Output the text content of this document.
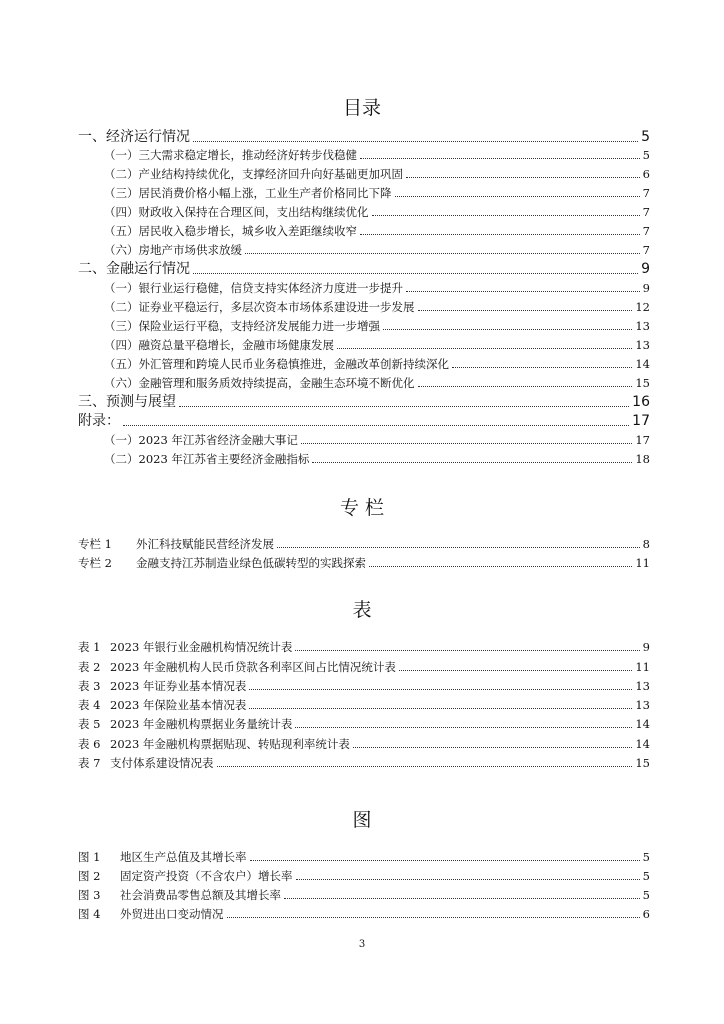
目录
一、经济运行情况	5
（一）三大需求稳定增长，推动经济好转步伐稳健	5
（二）产业结构持续优化，支撑经济回升向好基础更加巩固	6
（三）居民消费价格小幅上涨，工业生产者价格同比下降	7
（四）财政收入保持在合理区间，支出结构继续优化	7
（五）居民收入稳步增长，城乡收入差距继续收窄	7
（六）房地产市场供求放缓	7
二、金融运行情况	9
（一）银行业运行稳健，信贷支持实体经济力度进一步提升	9
（二）证券业平稳运行，多层次资本市场体系建设进一步发展	12
（三）保险业运行平稳，支持经济发展能力进一步增强	13
（四）融资总量平稳增长，金融市场健康发展	13
（五）外汇管理和跨境人民币业务稳慎推进，金融改革创新持续深化	14
（六）金融管理和服务质效持续提高，金融生态环境不断优化	15
三、预测与展望	16
附录：	17
（一）2023 年江苏省经济金融大事记	17
（二）2023 年江苏省主要经济金融指标	18
专 栏
专栏 1 外汇科技赋能民营经济发展	8
专栏 2 金融支持江苏制造业绿色低碳转型的实践探索	11
表
表 1 2023 年银行业金融机构情况统计表	9
表 2 2023 年金融机构人民币贷款各利率区间占比情况统计表	11
表 3 2023 年证券业基本情况表	13
表 4 2023 年保险业基本情况表	13
表 5 2023 年金融机构票据业务量统计表	14
表 6 2023 年金融机构票据贴现、转贴现利率统计表	14
表 7 支付体系建设情况表	15
图
图 1 地区生产总值及其增长率	5
图 2 固定资产投资（不含农户）增长率	5
图 3 社会消费品零售总额及其增长率	5
图 4 外贸进出口变动情况	6
3
